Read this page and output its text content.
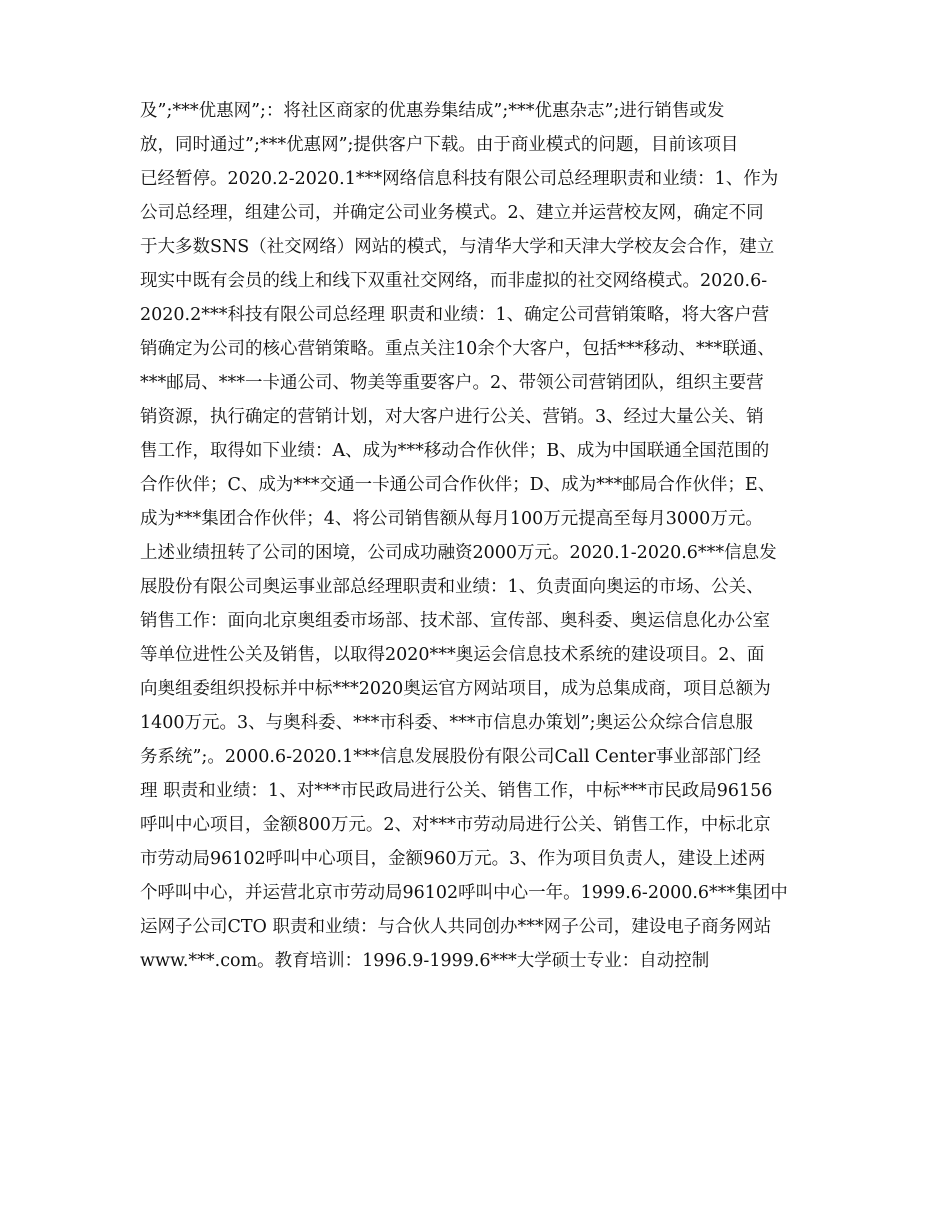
及”;***优惠网”;：将社区商家的优惠券集结成”;***优惠杂志”;进行销售或发
放，同时通过”;***优惠网”;提供客户下载。由于商业模式的问题，目前该项目
已经暂停。2020.2-2020.1***网络信息科技有限公司总经理职责和业绩：1、作为
公司总经理，组建公司，并确定公司业务模式。2、建立并运营校友网，确定不同
于大多数SNS（社交网络）网站的模式，与清华大学和天津大学校友会合作，建立
现实中既有会员的线上和线下双重社交网络，而非虚拟的社交网络模式。2020.6-
2020.2***科技有限公司总经理 职责和业绩：1、确定公司营销策略，将大客户营
销确定为公司的核心营销策略。重点关注10余个大客户，包括***移动、***联通、
***邮局、***一卡通公司、物美等重要客户。2、带领公司营销团队，组织主要营
销资源，执行确定的营销计划，对大客户进行公关、营销。3、经过大量公关、销
售工作，取得如下业绩：A、成为***移动合作伙伴；B、成为中国联通全国范围的
合作伙伴；C、成为***交通一卡通公司合作伙伴；D、成为***邮局合作伙伴；E、
成为***集团合作伙伴；4、将公司销售额从每月100万元提高至每月3000万元。
上述业绩扭转了公司的困境，公司成功融资2000万元。2020.1-2020.6***信息发
展股份有限公司奥运事业部总经理职责和业绩：1、负责面向奥运的市场、公关、
销售工作：面向北京奥组委市场部、技术部、宣传部、奥科委、奥运信息化办公室
等单位进性公关及销售，以取得2020***奥运会信息技术系统的建设项目。2、面
向奥组委组织投标并中标***2020奥运官方网站项目，成为总集成商，项目总额为
1400万元。3、与奥科委、***市科委、***市信息办策划”;奥运公众综合信息服
务系统”;。2000.6-2020.1***信息发展股份有限公司Call Center事业部部门经
理 职责和业绩：1、对***市民政局进行公关、销售工作，中标***市民政局96156
呼叫中心项目，金额800万元。2、对***市劳动局进行公关、销售工作，中标北京
市劳动局96102呼叫中心项目，金额960万元。3、作为项目负责人，建设上述两
个呼叫中心，并运营北京市劳动局96102呼叫中心一年。1999.6-2000.6***集团中
运网子公司CTO 职责和业绩：与合伙人共同创办***网子公司，建设电子商务网站
www.***.com。教育培训：1996.9-1999.6***大学硕士专业：自动控制
